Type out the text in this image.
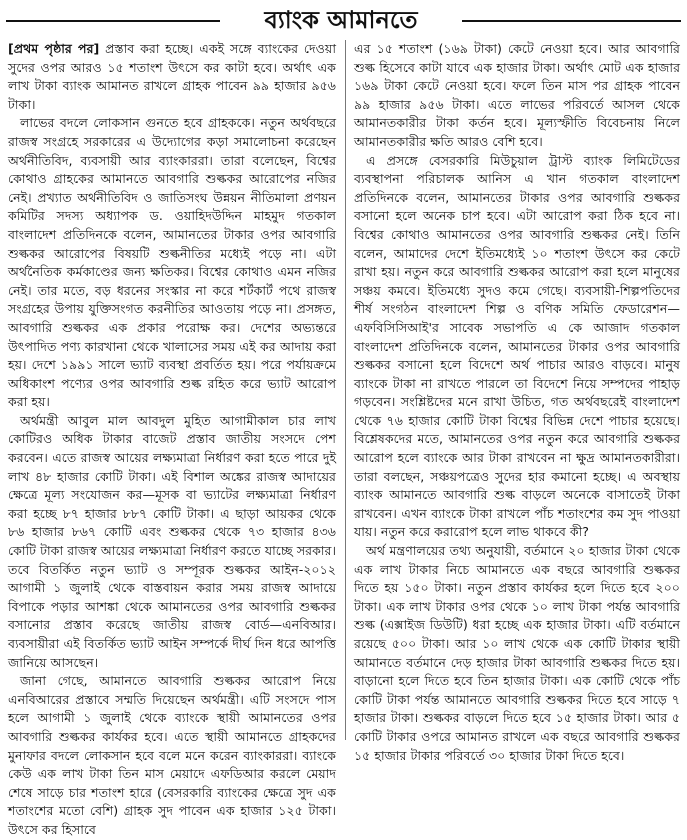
ব্যাংক আমানতে

[প্রথম পৃষ্ঠার পর] প্রস্তাব করা হচ্ছে। একই সঙ্গে ব্যাংকের দেওয়া সুদের ওপর আরও ১৫ শতাংশ উৎসে কর কাটা হবে। অর্থাৎ এক লাখ টাকা ব্যাংক আমানত রাখলে গ্রাহক পাবেন ৯৯ হাজার ৯৫৬ টাকা।

লাভের বদলে লোকসান গুনতে হবে গ্রাহককে। নতুন অর্থবছরে রাজস্ব সংগ্রহে সরকারের এ উদ্যোগের কড়া সমালোচনা করেছেন অর্থনীতিবিদ, ব্যবসায়ী আর ব্যাংকাররা। তারা বলেছেন, বিশ্বের কোথাও গ্রাহকের আমানতে আবগারি শুল্ককর আরোপের নজির নেই। প্রখ্যাত অর্থনীতিবিদ ও জাতিসংঘ উন্নয়ন নীতিমালা প্রণয়ন কমিটির সদস্য অধ্যাপক ড. ওয়াহিদউদ্দিন মাহমুদ গতকাল বাংলাদেশ প্রতিদিনকে বলেন, আমানতের টাকার ওপর আবগারি শুল্ককর আরোপের বিষয়টি শুল্কনীতির মধ্যেই পড়ে না। এটা অর্থনৈতিক কর্মকাণ্ডের জন্য ক্ষতিকর। বিশ্বের কোথাও এমন নজির নেই। তার মতে, বড় ধরনের সংস্কার না করে শর্টকার্ট পথে রাজস্ব সংগ্রহের উপায় যুক্তিসংগত করনীতির আওতায় পড়ে না। প্রসঙ্গত, আবগারি শুল্ককর এক প্রকার পরোক্ষ কর। দেশের অভ্যন্তরে উৎপাদিত পণ্য কারখানা থেকে খালাসের সময় এই কর আদায় করা হয়। দেশে ১৯৯১ সালে ভ্যাট ব্যবস্থা প্রবর্তিত হয়। পরে পর্যায়ক্রমে অধিকাংশ পণ্যের ওপর আবগারি শুল্ক রহিত করে ভ্যাট আরোপ করা হয়।

অর্থমন্ত্রী আবুল মাল আবদুল মুহিত আগামীকাল চার লাখ কোটিরও অধিক টাকার বাজেট প্রস্তাব জাতীয় সংসদে পেশ করবেন। এতে রাজস্ব আয়ের লক্ষ্যমাত্রা নির্ধারণ করা হতে পারে দুই লাখ ৪৮ হাজার কোটি টাকা। এই বিশাল অঙ্কের রাজস্ব আদায়ের ক্ষেত্রে মূল্য সংযোজন কর—মূসক বা ভ্যাটের লক্ষ্যমাত্রা নির্ধারণ করা হচ্ছে ৮৭ হাজার ৮৮৭ কোটি টাকা। এ ছাড়া আয়কর থেকে ৮৬ হাজার ৮৬৭ কোটি এবং শুল্ককর থেকে ৭৩ হাজার ৪৩৬ কোটি টাকা রাজস্ব আয়ের লক্ষ্যমাত্রা নির্ধারণ করতে যাচ্ছে সরকার। তবে বিতর্কিত নতুন ভ্যাট ও সম্পূরক শুল্ককর আইন-২০১২ আগামী ১ জুলাই থেকে বাস্তবায়ন করার সময় রাজস্ব আদায়ে বিপাকে পড়ার আশঙ্কা থেকে আমানতের ওপর আবগারি শুল্ককর বসানোর প্রস্তাব করেছে জাতীয় রাজস্ব বোর্ড—এনবিআর। ব্যবসায়ীরা এই বিতর্কিত ভ্যাট আইন সম্পর্কে দীর্ঘ দিন ধরে আপত্তি জানিয়ে আসছেন।

জানা গেছে, আমানতে আবগারি শুল্ককর আরোপ নিয়ে এনবিআরের প্রস্তাবে সম্মতি দিয়েছেন অর্থমন্ত্রী। এটি সংসদে পাস হলে আগামী ১ জুলাই থেকে ব্যাংকে স্থায়ী আমানতের ওপর আবগারি শুল্ককর কার্যকর হবে। এতে স্থায়ী আমানতে গ্রাহকদের মুনাফার বদলে লোকসান হবে বলে মনে করেন ব্যাংকাররা। ব্যাংকে কেউ এক লাখ টাকা তিন মাস মেয়াদে এফডিআর করলে মেয়াদ শেষে সাড়ে চার শতাংশ হারে (বেসরকারি ব্যাংকের ক্ষেত্রে সুদ এক শতাংশের মতো বেশি) গ্রাহক সুদ পাবেন এক হাজার ১২৫ টাকা। উৎসে কর হিসাবে

এর ১৫ শতাংশ (১৬৯ টাকা) কেটে নেওয়া হবে। আর আবগারি শুল্ক হিসেবে কাটা যাবে এক হাজার টাকা। অর্থাৎ মোট এক হাজার ১৬৯ টাকা কেটে নেওয়া হবে। ফলে তিন মাস পর গ্রাহক পাবেন ৯৯ হাজার ৯৫৬ টাকা। এতে লাভের পরিবর্তে আসল থেকে আমানতকারীর টাকা কর্তন হবে। মূল্যস্ফীতি বিবেচনায় নিলে আমানতকারীর ক্ষতি আরও বেশি হবে।

এ প্রসঙ্গে বেসরকারি মিউচুয়াল ট্রাস্ট ব্যাংক লিমিটেডের ব্যবস্থাপনা পরিচালক আনিস এ খান গতকাল বাংলাদেশ প্রতিদিনকে বলেন, আমানতের টাকার ওপর আবগারি শুল্ককর বসানো হলে অনেক চাপ হবে। এটা আরোপ করা ঠিক হবে না। বিশ্বের কোথাও আমানতের ওপর আবগারি শুল্ককর নেই। তিনি বলেন, আমাদের দেশে ইতিমধ্যেই ১০ শতাংশ উৎসে কর কেটে রাখা হয়। নতুন করে আবগারি শুল্ককর আরোপ করা হলে মানুষের সঞ্চয় কমবে। ইতিমধ্যে সুদও কমে গেছে। ব্যবসায়ী-শিল্পপতিদের শীর্ষ সংগঠন বাংলাদেশ শিল্প ও বণিক সমিতি ফেডারেশন—এফবিসিসিআই'র সাবেক সভাপতি এ কে আজাদ গতকাল বাংলাদেশ প্রতিদিনকে বলেন, আমানতের টাকার ওপর আবগারি শুল্ককর বসানো হলে বিদেশে অর্থ পাচার আরও বাড়বে। মানুষ ব্যাংকে টাকা না রাখতে পারলে তা বিদেশে নিয়ে সম্পদের পাহাড় গড়বেন। সংশ্লিষ্টদের মনে রাখা উচিত, গত অর্থবছরেই বাংলাদেশ থেকে ৭৬ হাজার কোটি টাকা বিশ্বের বিভিন্ন দেশে পাচার হয়েছে। বিশ্লেষকদের মতে, আমানতের ওপর নতুন করে আবগারি শুল্ককর আরোপ হলে ব্যাংকে আর টাকা রাখবেন না ক্ষুদ্র আমানতকারীরা। তারা বলছেন, সঞ্চয়পত্রেও সুদের হার কমানো হচ্ছে। এ অবস্থায় ব্যাংক আমানতে আবগারি শুল্ক বাড়লে অনেকে বাসাতেই টাকা রাখবেন। এখন ব্যাংকে টাকা রাখলে পাঁচ শতাংশের কম সুদ পাওয়া যায়। নতুন করে করারোপ হলে লাভ থাকবে কী?

অর্থ মন্ত্রণালয়ের তথ্য অনুযায়ী, বর্তমানে ২০ হাজার টাকা থেকে এক লাখ টাকার নিচে আমানতে এক বছরে আবগারি শুল্ককর দিতে হয় ১৫০ টাকা। নতুন প্রস্তাব কার্যকর হলে দিতে হবে ২০০ টাকা। এক লাখ টাকার ওপর থেকে ১০ লাখ টাকা পর্যন্ত আবগারি শুল্ক (এক্সাইজ ডিউটি) ধরা হচ্ছে এক হাজার টাকা। এটি বর্তমানে রয়েছে ৫০০ টাকা। আর ১০ লাখ থেকে এক কোটি টাকার স্থায়ী আমানতে বর্তমানে দেড় হাজার টাকা আবগারি শুল্ককর দিতে হয়। বাড়ানো হলে দিতে হবে তিন হাজার টাকা। এক কোটি থেকে পাঁচ কোটি টাকা পর্যন্ত আমানতে আবগারি শুল্ককর দিতে হবে সাড়ে ৭ হাজার টাকা। শুল্ককর বাড়লে দিতে হবে ১৫ হাজার টাকা। আর ৫ কোটি টাকার ওপরে আমানত রাখলে এক বছরে আবগারি শুল্ককর ১৫ হাজার টাকার পরিবর্তে ৩০ হাজার টাকা দিতে হবে।
